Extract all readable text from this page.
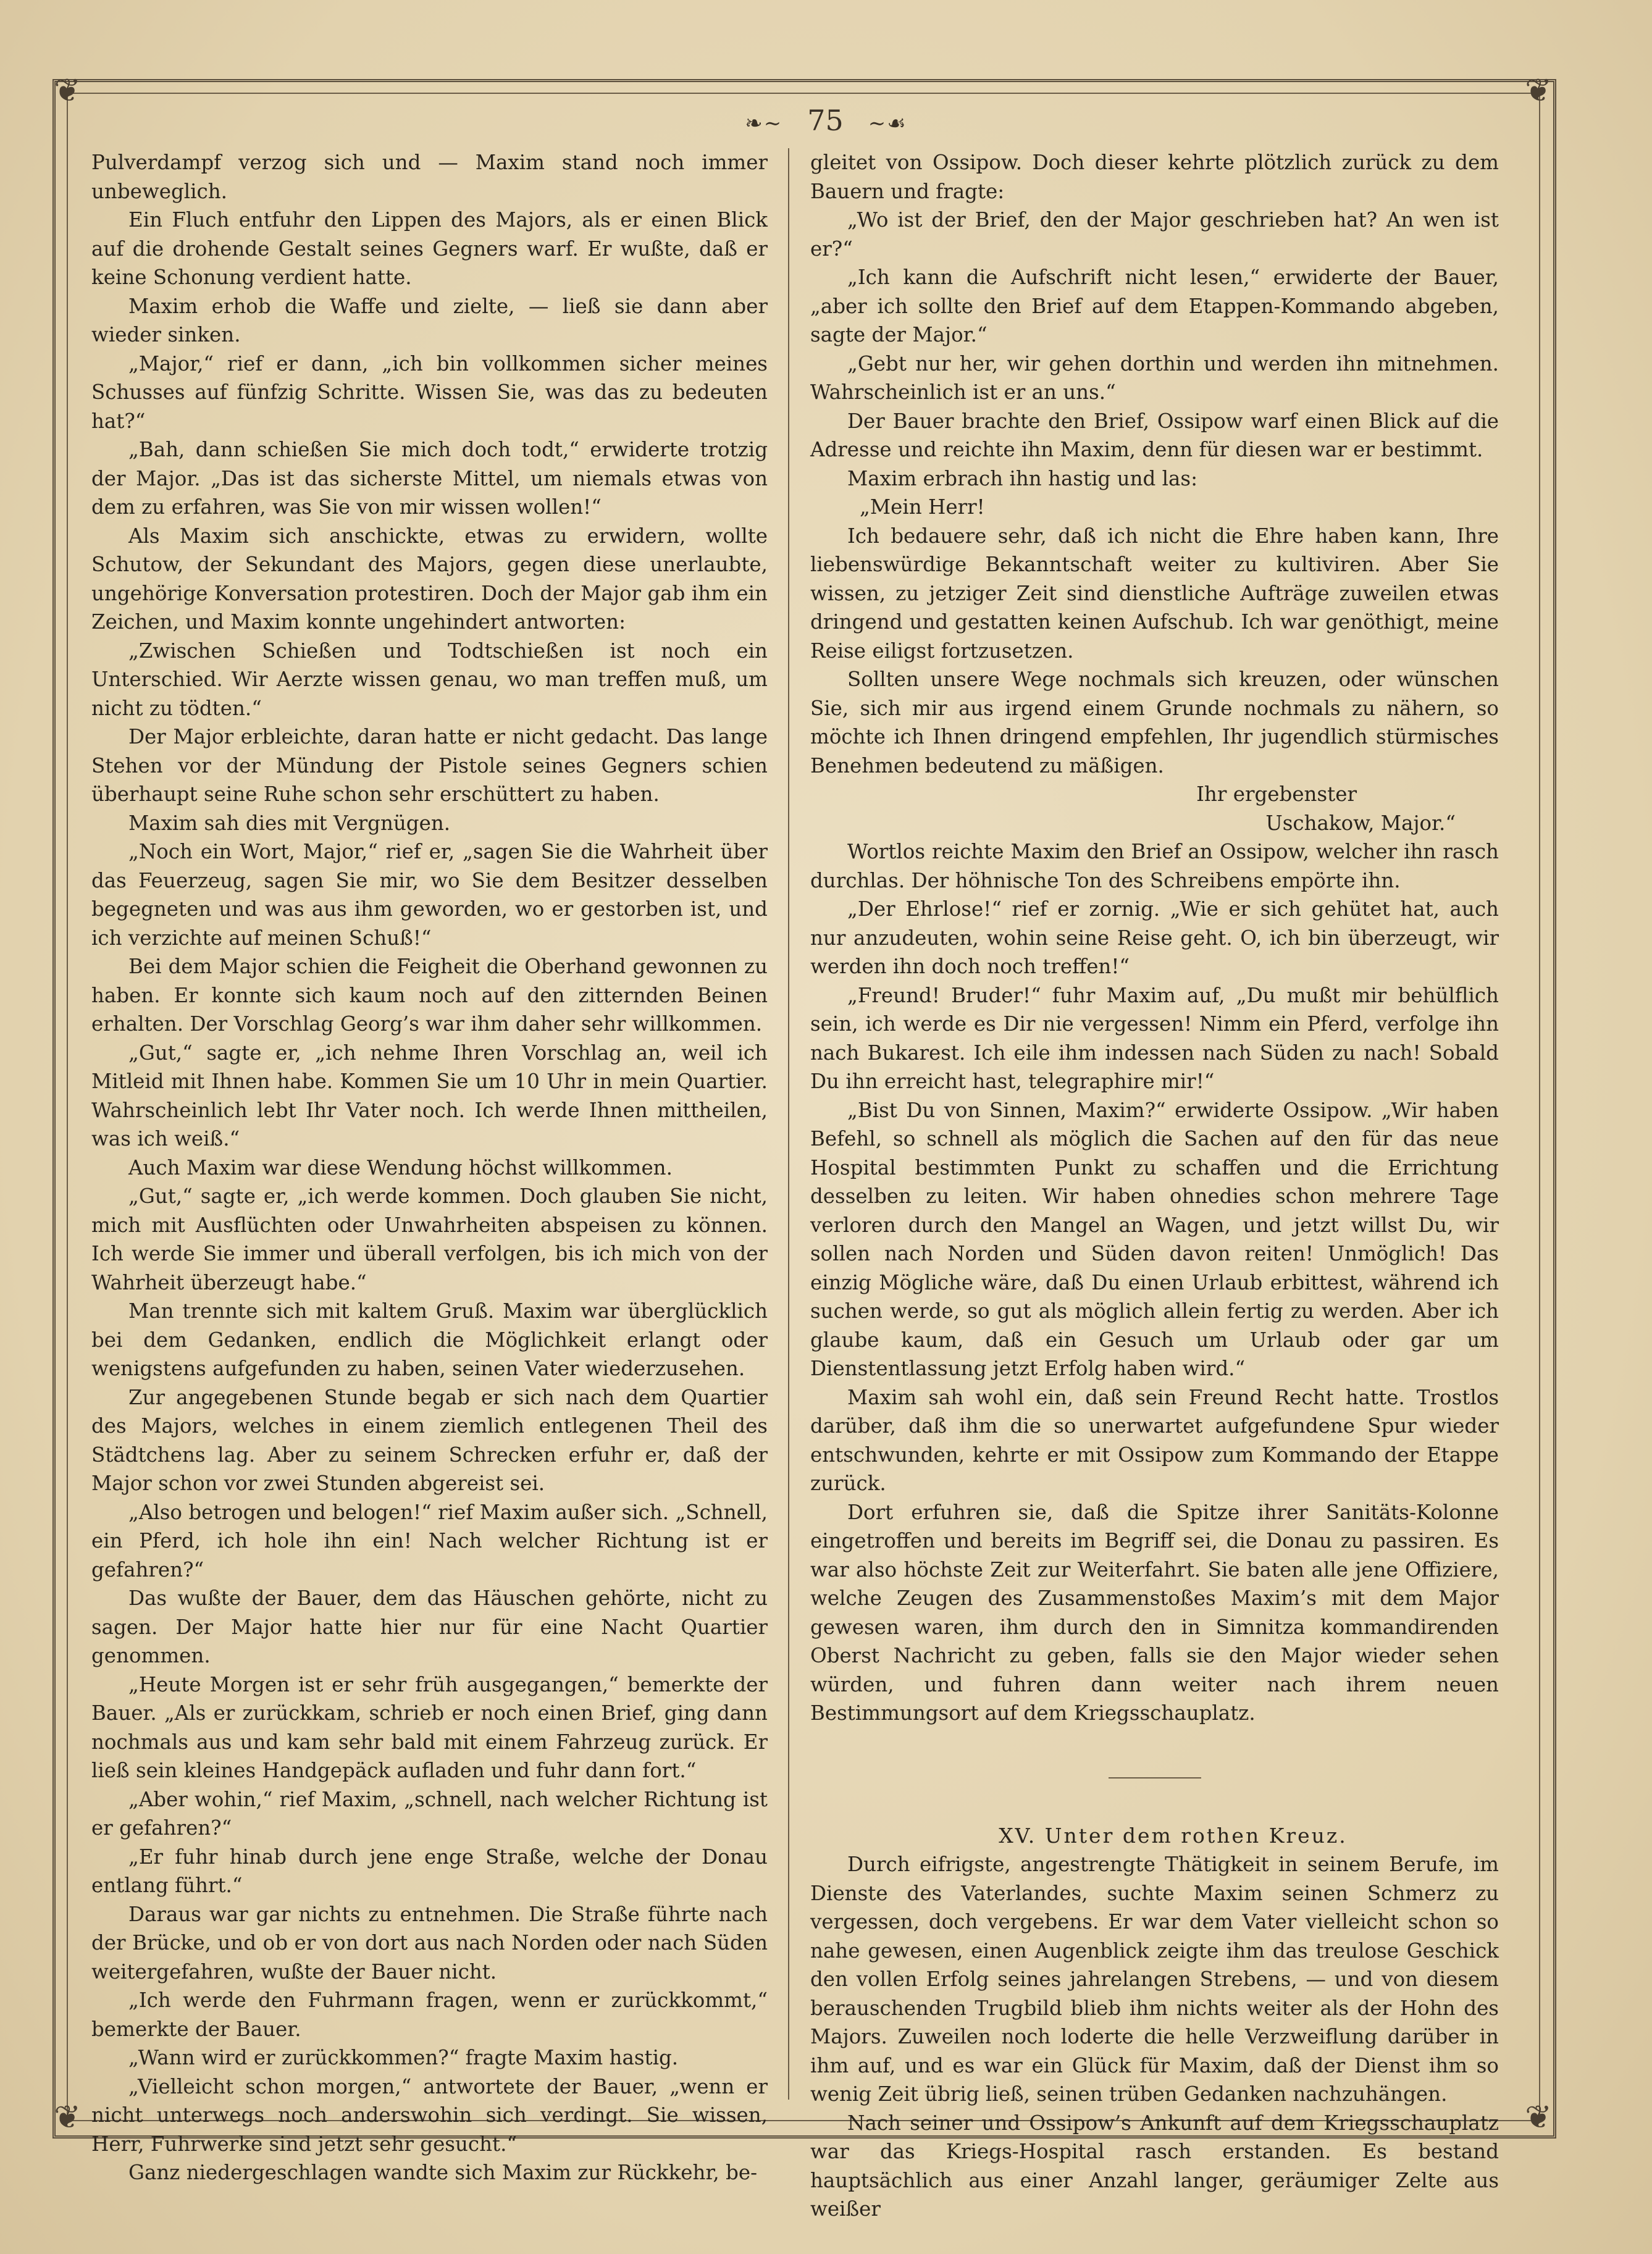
❦	❦
❦	❦
❧∼ 75 ∼☙

Pulverdampf verzog sich und — Maxim stand noch immer unbeweglich.

Ein Fluch entfuhr den Lippen des Majors, als er einen Blick auf die drohende Gestalt seines Gegners warf. Er wußte, daß er keine Schonung verdient hatte.

Maxim erhob die Waffe und zielte, — ließ sie dann aber wieder sinken.

„Major,“ rief er dann, „ich bin vollkommen sicher meines Schusses auf fünfzig Schritte. Wissen Sie, was das zu bedeuten hat?“

„Bah, dann schießen Sie mich doch todt,“ erwiderte trotzig der Major. „Das ist das sicherste Mittel, um niemals etwas von dem zu erfahren, was Sie von mir wissen wollen!“

Als Maxim sich anschickte, etwas zu erwidern, wollte Schutow, der Sekundant des Majors, gegen diese unerlaubte, ungehörige Konversation protestiren. Doch der Major gab ihm ein Zeichen, und Maxim konnte ungehindert antworten:

„Zwischen Schießen und Todtschießen ist noch ein Unterschied. Wir Aerzte wissen genau, wo man treffen muß, um nicht zu tödten.“

Der Major erbleichte, daran hatte er nicht gedacht. Das lange Stehen vor der Mündung der Pistole seines Gegners schien überhaupt seine Ruhe schon sehr erschüttert zu haben.

Maxim sah dies mit Vergnügen.

„Noch ein Wort, Major,“ rief er, „sagen Sie die Wahrheit über das Feuerzeug, sagen Sie mir, wo Sie dem Besitzer desselben begegneten und was aus ihm geworden, wo er gestorben ist, und ich verzichte auf meinen Schuß!“

Bei dem Major schien die Feigheit die Oberhand gewonnen zu haben. Er konnte sich kaum noch auf den zitternden Beinen erhalten. Der Vorschlag Georg’s war ihm daher sehr willkommen.

„Gut,“ sagte er, „ich nehme Ihren Vorschlag an, weil ich Mitleid mit Ihnen habe. Kommen Sie um 10 Uhr in mein Quartier. Wahrscheinlich lebt Ihr Vater noch. Ich werde Ihnen mittheilen, was ich weiß.“

Auch Maxim war diese Wendung höchst willkommen.

„Gut,“ sagte er, „ich werde kommen. Doch glauben Sie nicht, mich mit Ausflüchten oder Unwahrheiten abspeisen zu können. Ich werde Sie immer und überall verfolgen, bis ich mich von der Wahrheit überzeugt habe.“

Man trennte sich mit kaltem Gruß. Maxim war überglücklich bei dem Gedanken, endlich die Möglichkeit erlangt oder wenigstens aufgefunden zu haben, seinen Vater wiederzusehen.

Zur angegebenen Stunde begab er sich nach dem Quartier des Majors, welches in einem ziemlich entlegenen Theil des Städtchens lag. Aber zu seinem Schrecken erfuhr er, daß der Major schon vor zwei Stunden abgereist sei.

„Also betrogen und belogen!“ rief Maxim außer sich. „Schnell, ein Pferd, ich hole ihn ein! Nach welcher Richtung ist er gefahren?“

Das wußte der Bauer, dem das Häuschen gehörte, nicht zu sagen. Der Major hatte hier nur für eine Nacht Quartier genommen.

„Heute Morgen ist er sehr früh ausgegangen,“ bemerkte der Bauer. „Als er zurückkam, schrieb er noch einen Brief, ging dann nochmals aus und kam sehr bald mit einem Fahrzeug zurück. Er ließ sein kleines Handgepäck aufladen und fuhr dann fort.“

„Aber wohin,“ rief Maxim, „schnell, nach welcher Richtung ist er gefahren?“

„Er fuhr hinab durch jene enge Straße, welche der Donau entlang führt.“

Daraus war gar nichts zu entnehmen. Die Straße führte nach der Brücke, und ob er von dort aus nach Norden oder nach Süden weitergefahren, wußte der Bauer nicht.

„Ich werde den Fuhrmann fragen, wenn er zurückkommt,“ bemerkte der Bauer.

„Wann wird er zurückkommen?“ fragte Maxim hastig.

„Vielleicht schon morgen,“ antwortete der Bauer, „wenn er nicht unterwegs noch anderswohin sich verdingt. Sie wissen, Herr, Fuhrwerke sind jetzt sehr gesucht.“

Ganz niedergeschlagen wandte sich Maxim zur Rückkehr, be-

gleitet von Ossipow. Doch dieser kehrte plötzlich zurück zu dem Bauern und fragte:

„Wo ist der Brief, den der Major geschrieben hat? An wen ist er?“

„Ich kann die Aufschrift nicht lesen,“ erwiderte der Bauer, „aber ich sollte den Brief auf dem Etappen-Kommando abgeben, sagte der Major.“

„Gebt nur her, wir gehen dorthin und werden ihn mitnehmen. Wahrscheinlich ist er an uns.“

Der Bauer brachte den Brief, Ossipow warf einen Blick auf die Adresse und reichte ihn Maxim, denn für diesen war er bestimmt.

Maxim erbrach ihn hastig und las:

„Mein Herr!

Ich bedauere sehr, daß ich nicht die Ehre haben kann, Ihre liebenswürdige Bekanntschaft weiter zu kultiviren. Aber Sie wissen, zu jetziger Zeit sind dienstliche Aufträge zuweilen etwas dringend und gestatten keinen Aufschub. Ich war genöthigt, meine Reise eiligst fortzusetzen.

Sollten unsere Wege nochmals sich kreuzen, oder wünschen Sie, sich mir aus irgend einem Grunde nochmals zu nähern, so möchte ich Ihnen dringend empfehlen, Ihr jugendlich stürmisches Benehmen bedeutend zu mäßigen.

Ihr ergebenster

Uschakow, Major.“

Wortlos reichte Maxim den Brief an Ossipow, welcher ihn rasch durchlas. Der höhnische Ton des Schreibens empörte ihn.

„Der Ehrlose!“ rief er zornig. „Wie er sich gehütet hat, auch nur anzudeuten, wohin seine Reise geht. O, ich bin überzeugt, wir werden ihn doch noch treffen!“

„Freund! Bruder!“ fuhr Maxim auf, „Du mußt mir behülflich sein, ich werde es Dir nie vergessen! Nimm ein Pferd, verfolge ihn nach Bukarest. Ich eile ihm indessen nach Süden zu nach! Sobald Du ihn erreicht hast, telegraphire mir!“

„Bist Du von Sinnen, Maxim?“ erwiderte Ossipow. „Wir haben Befehl, so schnell als möglich die Sachen auf den für das neue Hospital bestimmten Punkt zu schaffen und die Errichtung desselben zu leiten. Wir haben ohnedies schon mehrere Tage verloren durch den Mangel an Wagen, und jetzt willst Du, wir sollen nach Norden und Süden davon reiten! Unmöglich! Das einzig Mögliche wäre, daß Du einen Urlaub erbittest, während ich suchen werde, so gut als möglich allein fertig zu werden. Aber ich glaube kaum, daß ein Gesuch um Urlaub oder gar um Dienstentlassung jetzt Erfolg haben wird.“

Maxim sah wohl ein, daß sein Freund Recht hatte. Trostlos darüber, daß ihm die so unerwartet aufgefundene Spur wieder entschwunden, kehrte er mit Ossipow zum Kommando der Etappe zurück.

Dort erfuhren sie, daß die Spitze ihrer Sanitäts-Kolonne eingetroffen und bereits im Begriff sei, die Donau zu passiren. Es war also höchste Zeit zur Weiterfahrt. Sie baten alle jene Offiziere, welche Zeugen des Zusammenstoßes Maxim’s mit dem Major gewesen waren, ihm durch den in Simnitza kommandirenden Oberst Nachricht zu geben, falls sie den Major wieder sehen würden, und fuhren dann weiter nach ihrem neuen Bestimmungsort auf dem Kriegsschauplatz.

XV. Unter dem rothen Kreuz.

Durch eifrigste, angestrengte Thätigkeit in seinem Berufe, im Dienste des Vaterlandes, suchte Maxim seinen Schmerz zu vergessen, doch vergebens. Er war dem Vater vielleicht schon so nahe gewesen, einen Augenblick zeigte ihm das treulose Geschick den vollen Erfolg seines jahrelangen Strebens, — und von diesem berauschenden Trugbild blieb ihm nichts weiter als der Hohn des Majors. Zuweilen noch loderte die helle Verzweiflung darüber in ihm auf, und es war ein Glück für Maxim, daß der Dienst ihm so wenig Zeit übrig ließ, seinen trüben Gedanken nachzuhängen.

Nach seiner und Ossipow’s Ankunft auf dem Kriegsschauplatz war das Kriegs-Hospital rasch erstanden. Es bestand hauptsächlich aus einer Anzahl langer, geräumiger Zelte aus weißer
